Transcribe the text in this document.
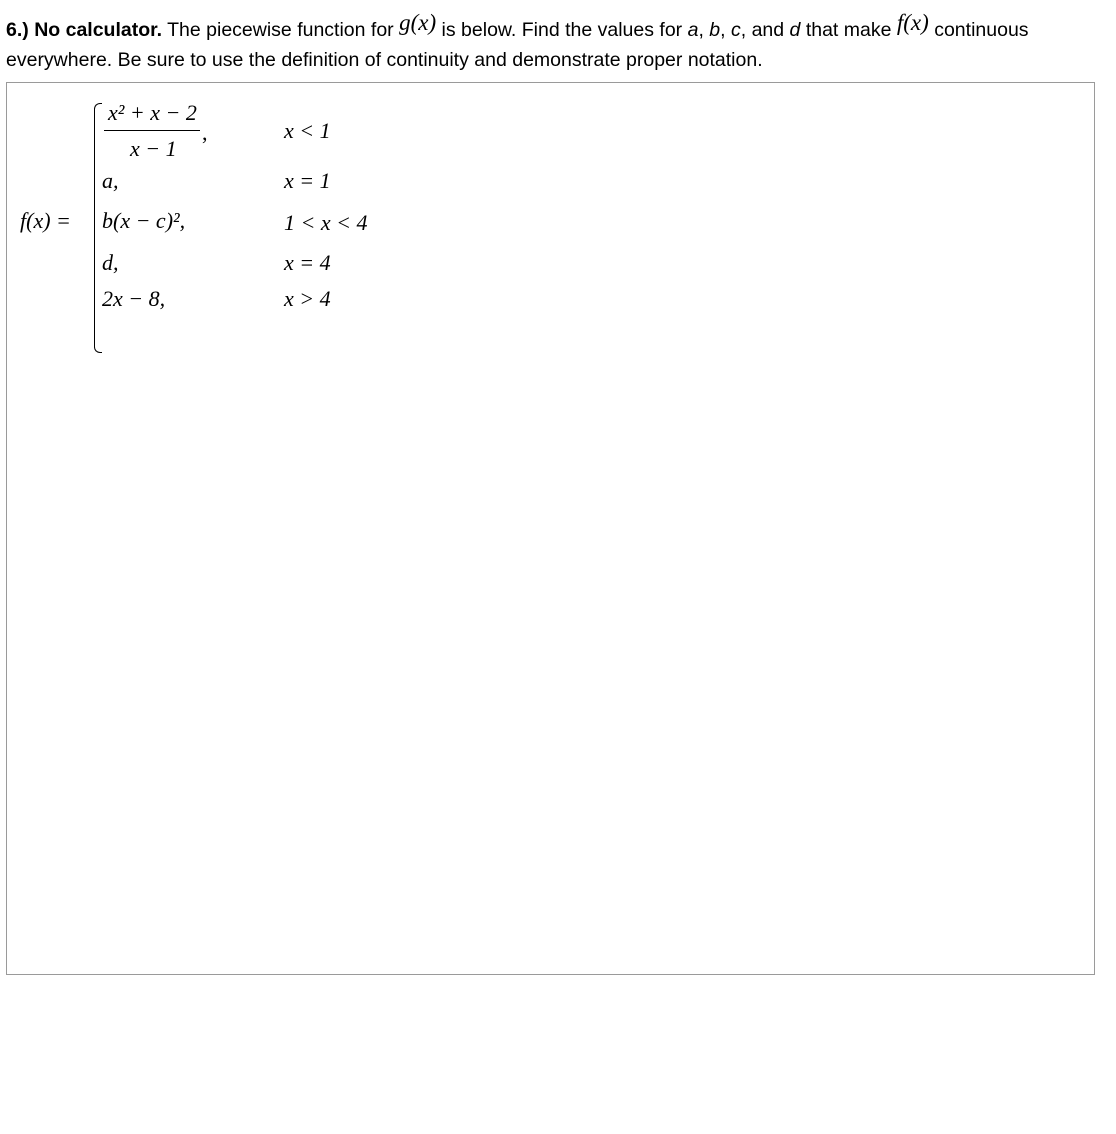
6.) No calculator. The piecewise function for g(x) is below. Find the values for a, b, c, and d that make f(x) continuous everywhere. Be sure to use the definition of continuity and demonstrate proper notation.
f(x) =
x² + x − 2
x − 1
,	x < 1
a,	x = 1
b(x − c)²,	1 < x < 4
d,	x = 4
2x − 8,	x > 4
